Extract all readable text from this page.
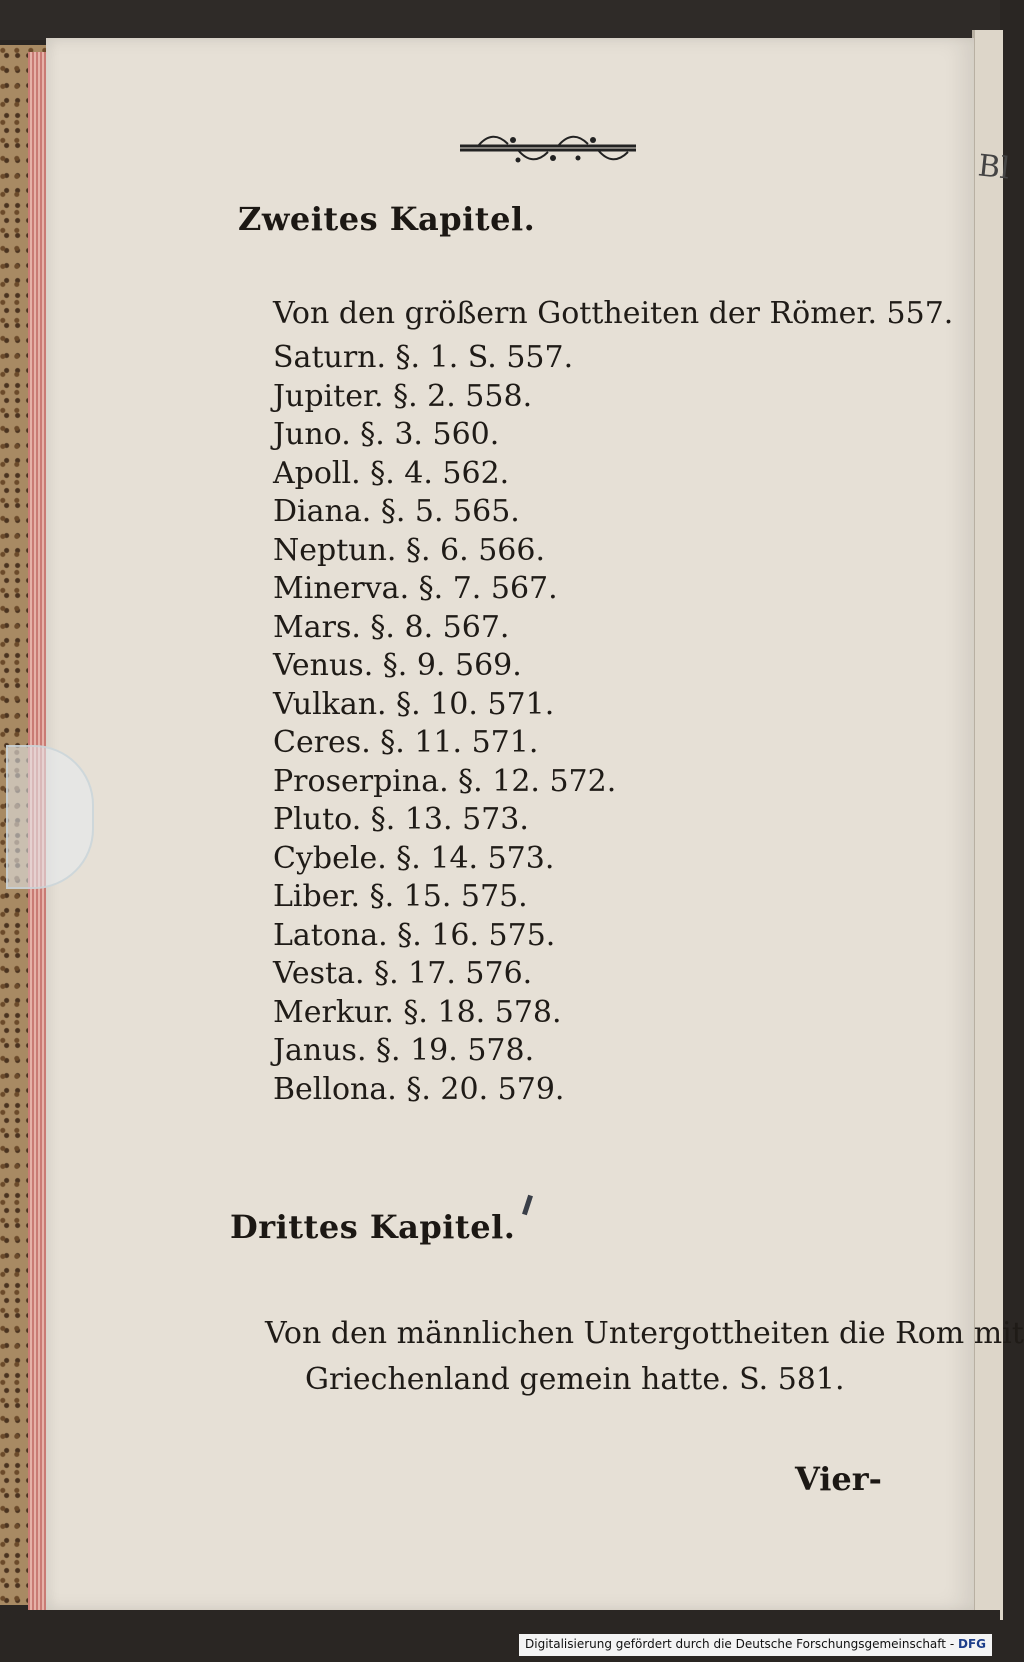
Bl
Zweites Kapitel.
Von den größern Gottheiten der Römer. 557.
Saturn. §. 1. S. 557.
Jupiter. §. 2. 558.
Juno. §. 3. 560.
Apoll. §. 4. 562.
Diana. §. 5. 565.
Neptun. §. 6. 566.
Minerva. §. 7. 567.
Mars. §. 8. 567.
Venus. §. 9. 569.
Vulkan. §. 10. 571.
Ceres. §. 11. 571.
Proserpina. §. 12. 572.
Pluto. §. 13. 573.
Cybele. §. 14. 573.
Liber. §. 15. 575.
Latona. §. 16. 575.
Vesta. §. 17. 576.
Merkur. §. 18. 578.
Janus. §. 19. 578.
Bellona. §. 20. 579.
Drittes Kapitel.
Von den männlichen Untergottheiten die Rom mit
Griechenland gemein hatte. S. 581.
Vier-
Digitalisierung gefördert durch die Deutsche Forschungsgemeinschaft - DFG
